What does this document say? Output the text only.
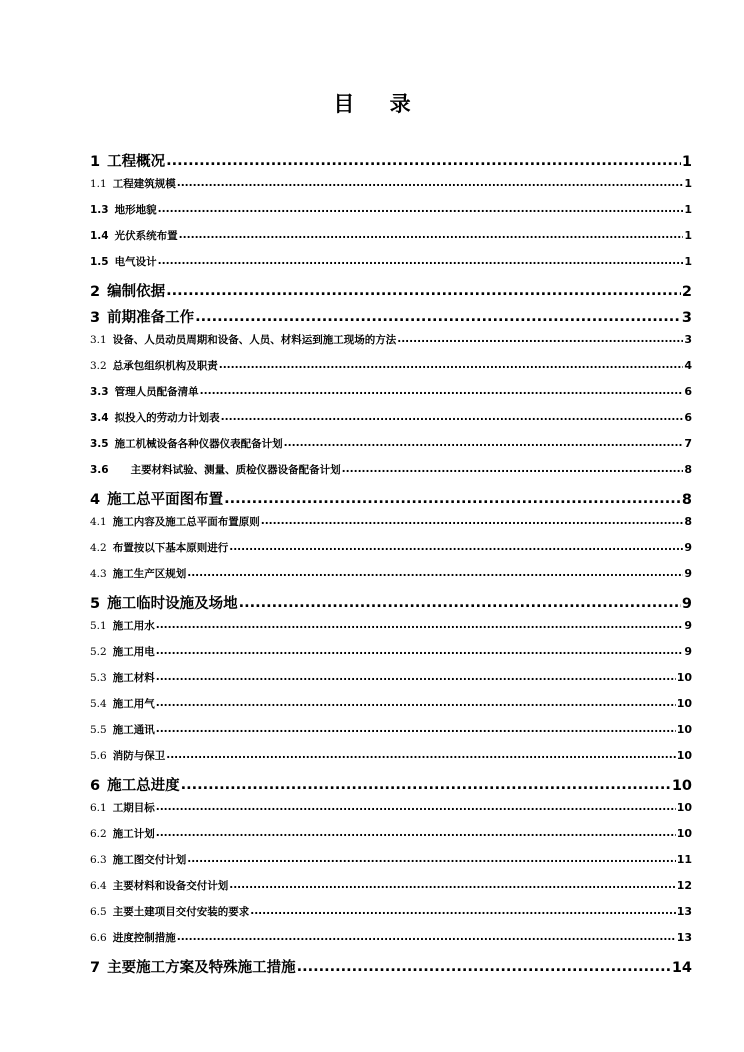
目 录
1 工程概况 .....	1
1.1 工程建筑规模 .....	1
1.3 地形地貌 .....	1
1.4 光伏系统布置 .....	1
1.5 电气设计 .....	1
2 编制依据 .....	2
3 前期准备工作 .....	3
3.1 设备、人员动员周期和设备、人员、材料运到施工现场的方法 .....	3
3.2 总承包组织机构及职责 .....	4
3.3 管理人员配备清单 .....	6
3.4 拟投入的劳动力计划表 .....	6
3.5 施工机械设备各种仪器仪表配备计划 .....	7
3.6 主要材料试验、测量、质检仪器设备配备计划 .....	8
4 施工总平面图布置 .....	8
4.1 施工内容及施工总平面布置原则 .....	8
4.2 布置按以下基本原则进行 .....	9
4.3 施工生产区规划 .....	9
5 施工临时设施及场地 .....	9
5.1 施工用水 .....	9
5.2 施工用电 .....	9
5.3 施工材料 .....	10
5.4 施工用气 .....	10
5.5 施工通讯 .....	10
5.6 消防与保卫 .....	10
6 施工总进度 .....	10
6.1 工期目标 .....	10
6.2 施工计划 .....	10
6.3 施工图交付计划 .....	11
6.4 主要材料和设备交付计划 .....	12
6.5 主要土建项目交付安装的要求 .....	13
6.6 进度控制措施 .....	13
7 主要施工方案及特殊施工措施 .....	14
